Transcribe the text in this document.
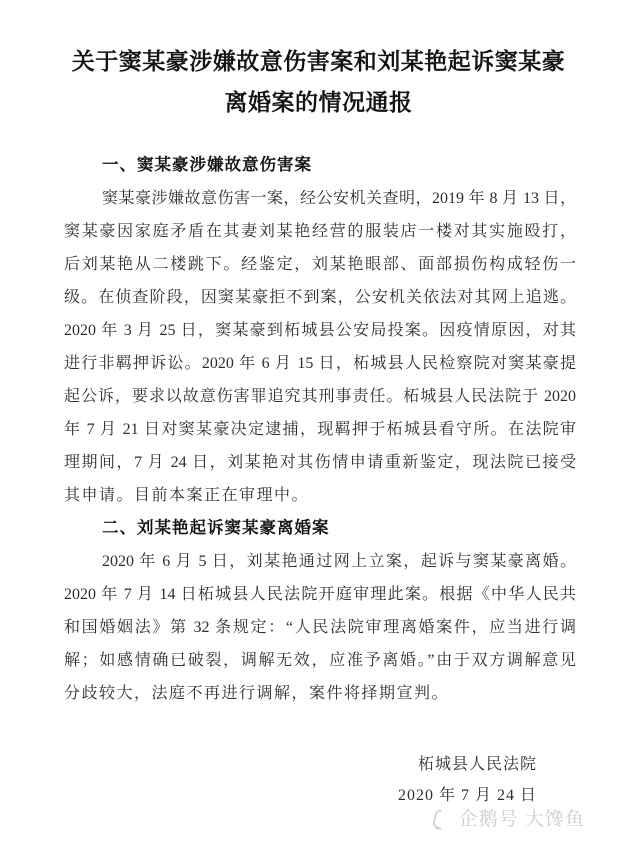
关于窦某豪涉嫌故意伤害案和刘某艳起诉窦某豪
离婚案的情况通报
一、窦某豪涉嫌故意伤害案
窦某豪涉嫌故意伤害一案，经公安机关查明，2019 年 8 月 13 日，
窦某豪因家庭矛盾在其妻刘某艳经营的服装店一楼对其实施殴打，
后刘某艳从二楼跳下。经鉴定，刘某艳眼部、面部损伤构成轻伤一
级。在侦查阶段，因窦某豪拒不到案，公安机关依法对其网上追逃。
2020 年 3 月 25 日，窦某豪到柘城县公安局投案。因疫情原因，对其
进行非羁押诉讼。2020 年 6 月 15 日，柘城县人民检察院对窦某豪提
起公诉，要求以故意伤害罪追究其刑事责任。柘城县人民法院于 2020
年 7 月 21 日对窦某豪决定逮捕，现羁押于柘城县看守所。在法院审
理期间，7 月 24 日，刘某艳对其伤情申请重新鉴定，现法院已接受
其申请。目前本案正在审理中。
二、刘某艳起诉窦某豪离婚案
2020 年 6 月 5 日，刘某艳通过网上立案，起诉与窦某豪离婚。
2020 年 7 月 14 日柘城县人民法院开庭审理此案。根据《中华人民共
和国婚姻法》第 32 条规定：“人民法院审理离婚案件，应当进行调
解；如感情确已破裂，调解无效，应准予离婚。”由于双方调解意见
分歧较大，法庭不再进行调解，案件将择期宣判。
柘城县人民法院
2020 年 7 月 24 日
企鹅号 大馋鱼
